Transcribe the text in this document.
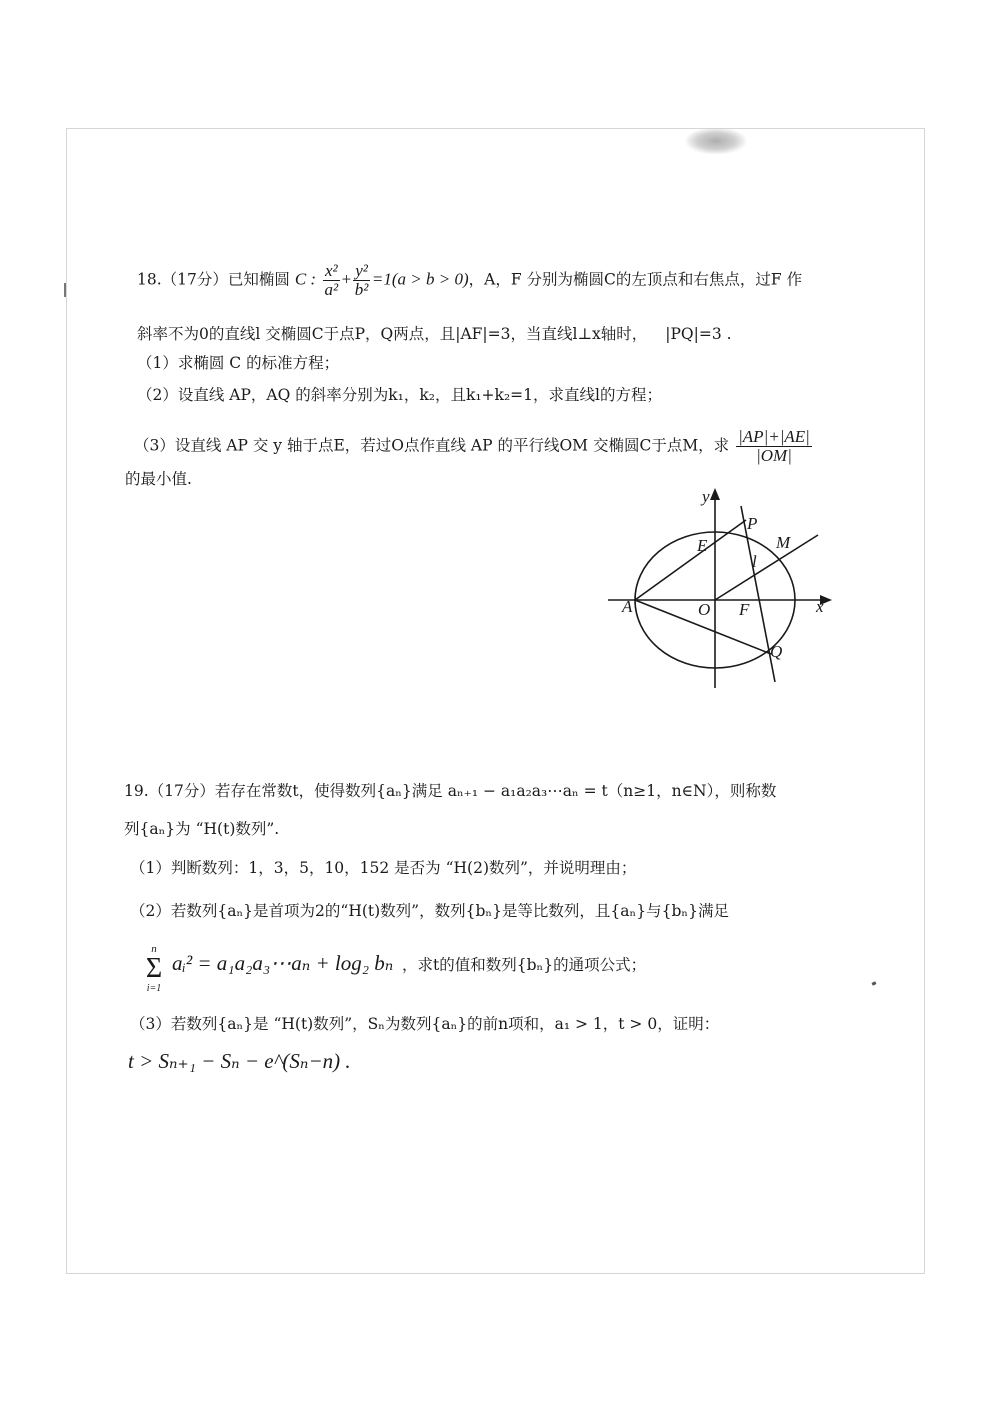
18.（17分）已知椭圆 C : $\frac{\text{x²}}{\text{a²}} + \frac{\text{y²}}{\text{b²}} =1(a > b > 0)$，A，F 分别为椭圆C的左顶点和右焦点，过F 作
斜率不为0的直线l 交椭圆C于点P，Q两点，且|AF|=3，当直线l⊥x轴时， |PQ|=3 .
（1）求椭圆 C 的标准方程；
（2）设直线 AP，AQ 的斜率分别为k₁，k₂，且k₁+k₂=1，求直线l的方程；
（3）设直线 AP 交 y 轴于点E，若过O点作直线 AP 的平行线OM 交椭圆C于点M，求 $\frac{|AP|+|AE|}{|OM|}$
的最小值.
y
x
A	O F
E
P
M
l
Q
19.（17分）若存在常数t，使得数列{aₙ}满足 aₙ₊₁ − a₁a₂a₃⋯aₙ = t（n≥1，n∈N），则称数
列{aₙ}为 “H(t)数列”.
（1）判断数列：1，3，5，10，152 是否为 “H(2)数列”，并说明理由；
（2）若数列{aₙ}是首项为2的“H(t)数列”，数列{bₙ}是等比数列，且{aₙ}与{bₙ}满足
n
Σ
i=1
aᵢ² = a₁a₂a₃⋯aₙ + log₂ bₙ ，求t的值和数列{bₙ}的通项公式；
（3）若数列{aₙ}是 “H(t)数列”，Sₙ为数列{aₙ}的前n项和，a₁ > 1，t > 0，证明：
t > Sₙ₊₁ − Sₙ − e^(Sₙ−n) .
